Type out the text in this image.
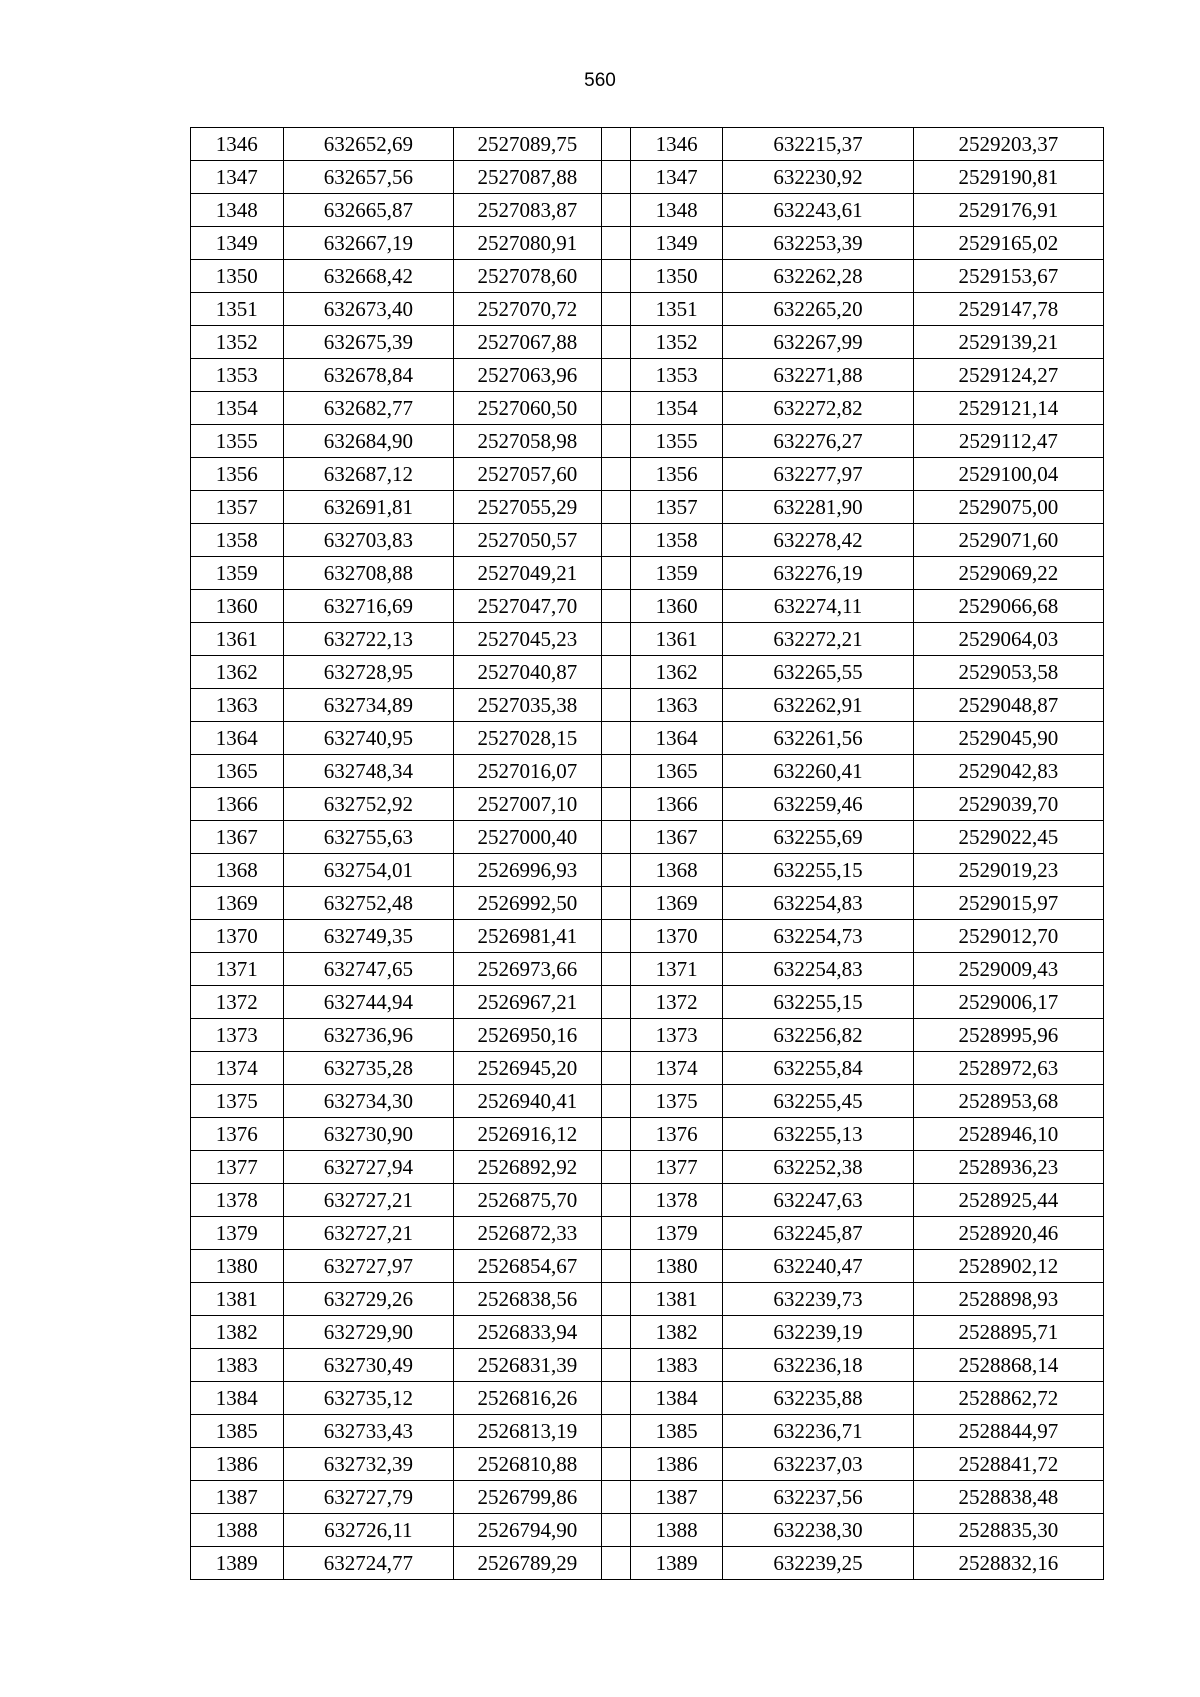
560
1346	632652,69	2527089,75		1346	632215,37	2529203,37
1347	632657,56	2527087,88		1347	632230,92	2529190,81
1348	632665,87	2527083,87		1348	632243,61	2529176,91
1349	632667,19	2527080,91		1349	632253,39	2529165,02
1350	632668,42	2527078,60		1350	632262,28	2529153,67
1351	632673,40	2527070,72		1351	632265,20	2529147,78
1352	632675,39	2527067,88		1352	632267,99	2529139,21
1353	632678,84	2527063,96		1353	632271,88	2529124,27
1354	632682,77	2527060,50		1354	632272,82	2529121,14
1355	632684,90	2527058,98		1355	632276,27	2529112,47
1356	632687,12	2527057,60		1356	632277,97	2529100,04
1357	632691,81	2527055,29		1357	632281,90	2529075,00
1358	632703,83	2527050,57		1358	632278,42	2529071,60
1359	632708,88	2527049,21		1359	632276,19	2529069,22
1360	632716,69	2527047,70		1360	632274,11	2529066,68
1361	632722,13	2527045,23		1361	632272,21	2529064,03
1362	632728,95	2527040,87		1362	632265,55	2529053,58
1363	632734,89	2527035,38		1363	632262,91	2529048,87
1364	632740,95	2527028,15		1364	632261,56	2529045,90
1365	632748,34	2527016,07		1365	632260,41	2529042,83
1366	632752,92	2527007,10		1366	632259,46	2529039,70
1367	632755,63	2527000,40		1367	632255,69	2529022,45
1368	632754,01	2526996,93		1368	632255,15	2529019,23
1369	632752,48	2526992,50		1369	632254,83	2529015,97
1370	632749,35	2526981,41		1370	632254,73	2529012,70
1371	632747,65	2526973,66		1371	632254,83	2529009,43
1372	632744,94	2526967,21		1372	632255,15	2529006,17
1373	632736,96	2526950,16		1373	632256,82	2528995,96
1374	632735,28	2526945,20		1374	632255,84	2528972,63
1375	632734,30	2526940,41		1375	632255,45	2528953,68
1376	632730,90	2526916,12		1376	632255,13	2528946,10
1377	632727,94	2526892,92		1377	632252,38	2528936,23
1378	632727,21	2526875,70		1378	632247,63	2528925,44
1379	632727,21	2526872,33		1379	632245,87	2528920,46
1380	632727,97	2526854,67		1380	632240,47	2528902,12
1381	632729,26	2526838,56		1381	632239,73	2528898,93
1382	632729,90	2526833,94		1382	632239,19	2528895,71
1383	632730,49	2526831,39		1383	632236,18	2528868,14
1384	632735,12	2526816,26		1384	632235,88	2528862,72
1385	632733,43	2526813,19		1385	632236,71	2528844,97
1386	632732,39	2526810,88		1386	632237,03	2528841,72
1387	632727,79	2526799,86		1387	632237,56	2528838,48
1388	632726,11	2526794,90		1388	632238,30	2528835,30
1389	632724,77	2526789,29		1389	632239,25	2528832,16
